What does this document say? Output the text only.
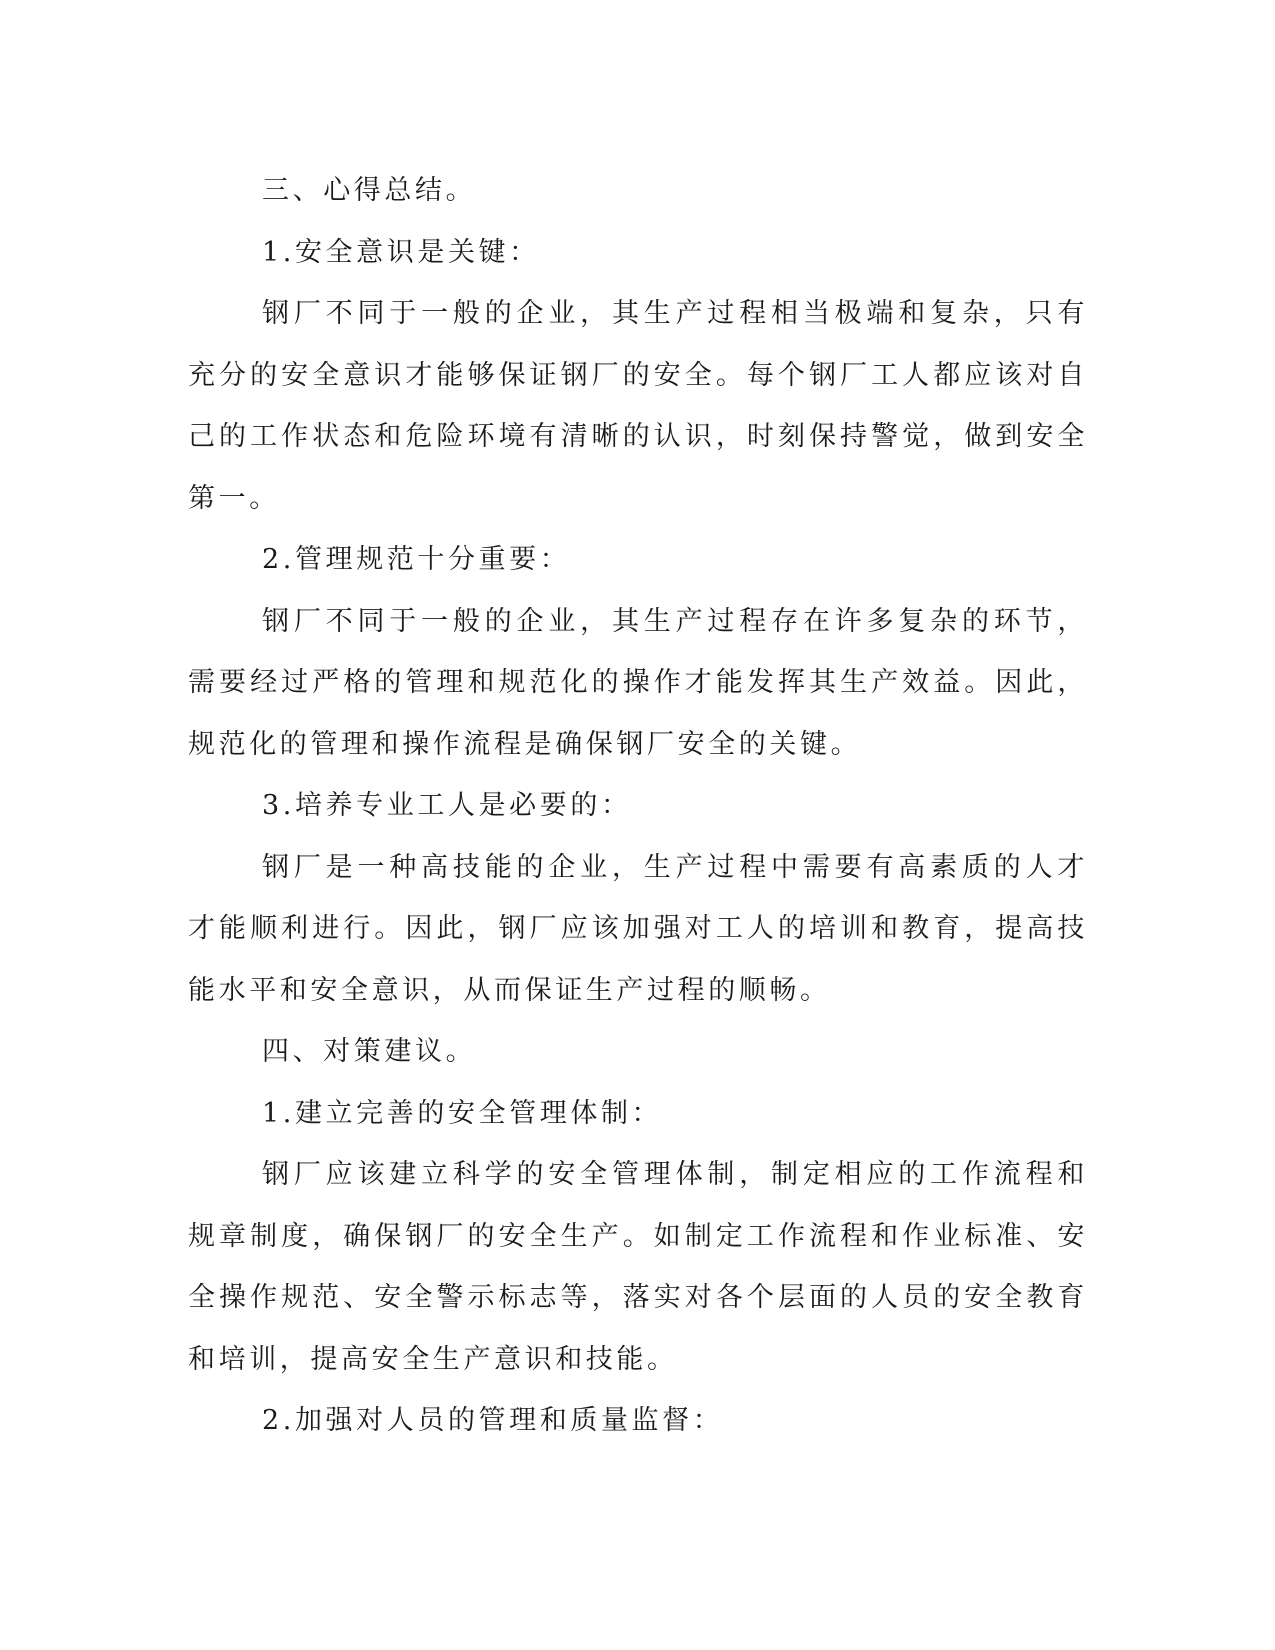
三、心得总结。

1.安全意识是关键：

钢厂不同于一般的企业，其生产过程相当极端和复杂，只有充分的安全意识才能够保证钢厂的安全。每个钢厂工人都应该对自己的工作状态和危险环境有清晰的认识，时刻保持警觉，做到安全第一。

2.管理规范十分重要：

钢厂不同于一般的企业，其生产过程存在许多复杂的环节，需要经过严格的管理和规范化的操作才能发挥其生产效益。因此，规范化的管理和操作流程是确保钢厂安全的关键。

3.培养专业工人是必要的：

钢厂是一种高技能的企业，生产过程中需要有高素质的人才才能顺利进行。因此，钢厂应该加强对工人的培训和教育，提高技能水平和安全意识，从而保证生产过程的顺畅。

四、对策建议。

1.建立完善的安全管理体制：

钢厂应该建立科学的安全管理体制，制定相应的工作流程和规章制度，确保钢厂的安全生产。如制定工作流程和作业标准、安全操作规范、安全警示标志等，落实对各个层面的人员的安全教育和培训，提高安全生产意识和技能。

2.加强对人员的管理和质量监督：
